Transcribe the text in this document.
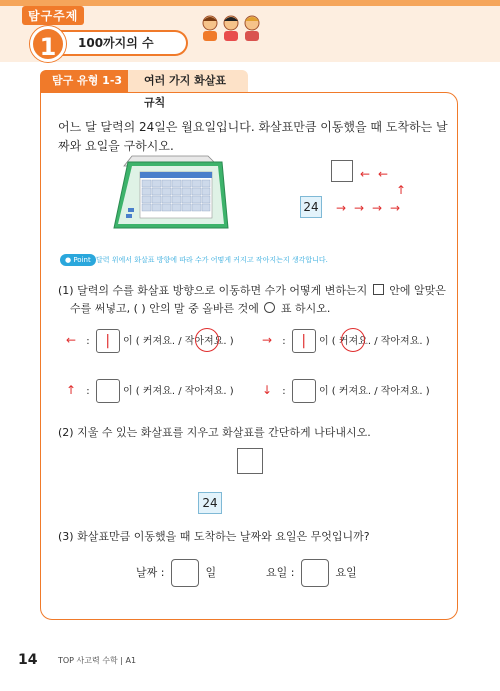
탐구주제
1	100까지의 수
탐구 유형 1-3	여러 가지 화살표 규칙
어느 달 달력의 24일은 월요일입니다. 화살표만큼 이동했을 때 도착하는 날짜와 요일을 구하시오.
24
← ←
↑
→ → → →
● Point 달력 위에서 화살표 방향에 따라 수가 어떻게 커지고 작아지는지 생각합니다.
(1) 달력의 수를 화살표 방향으로 이동하면 수가 어떻게 변하는지 안에 알맞은 수를 써넣고, ( ) 안의 말 중 올바른 것에 ○ 표 하시오.
← : | 이 ( 커져요. / 작아져요. )	→ : | 이 ( 커져요. / 작아져요. )
↑ :	이 ( 커져요. / 작아져요. )	↓ :	이 ( 커져요. / 작아져요. )
(2) 지울 수 있는 화살표를 지우고 화살표를 간단하게 나타내시오.
24
(3) 화살표만큼 이동했을 때 도착하는 날짜와 요일은 무엇입니까?
날짜 :	일	요일 :	요일
14	TOP 사고력 수학 | A1
